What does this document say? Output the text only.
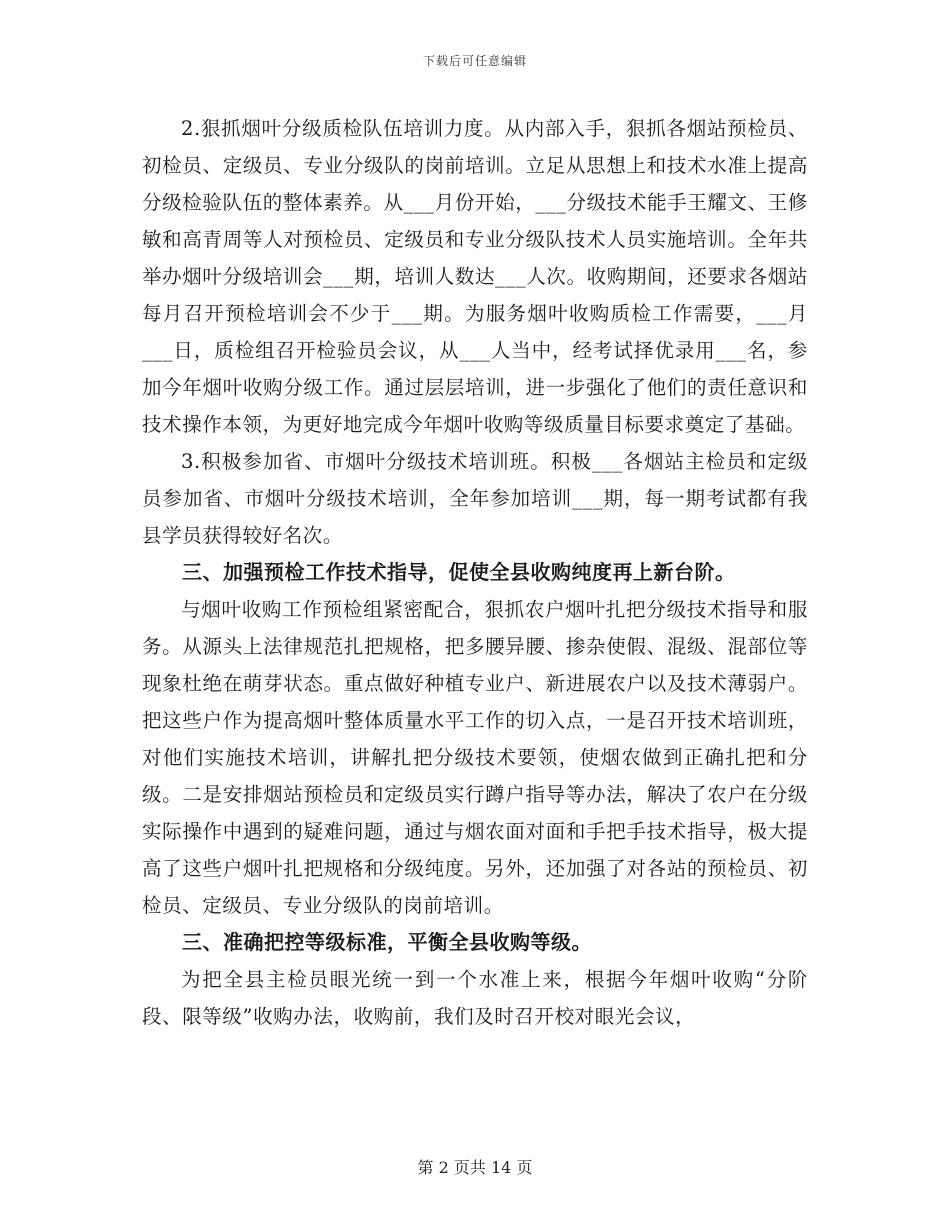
下载后可任意编辑

2.狠抓烟叶分级质检队伍培训力度。从内部入手，狠抓各烟站预检员、初检员、定级员、专业分级队的岗前培训。立足从思想上和技术水准上提高分级检验队伍的整体素养。从___月份开始，___分级技术能手王耀文、王修敏和高青周等人对预检员、定级员和专业分级队技术人员实施培训。全年共举办烟叶分级培训会___期，培训人数达___人次。收购期间，还要求各烟站每月召开预检培训会不少于___期。为服务烟叶收购质检工作需要，___月___日，质检组召开检验员会议，从___人当中，经考试择优录用___名，参加今年烟叶收购分级工作。通过层层培训，进一步强化了他们的责任意识和技术操作本领，为更好地完成今年烟叶收购等级质量目标要求奠定了基础。

3.积极参加省、市烟叶分级技术培训班。积极___各烟站主检员和定级员参加省、市烟叶分级技术培训，全年参加培训___期，每一期考试都有我县学员获得较好名次。

三、加强预检工作技术指导，促使全县收购纯度再上新台阶。

与烟叶收购工作预检组紧密配合，狠抓农户烟叶扎把分级技术指导和服务。从源头上法律规范扎把规格，把多腰异腰、掺杂使假、混级、混部位等现象杜绝在萌芽状态。重点做好种植专业户、新进展农户以及技术薄弱户。把这些户作为提高烟叶整体质量水平工作的切入点，一是召开技术培训班，对他们实施技术培训，讲解扎把分级技术要领，使烟农做到正确扎把和分级。二是安排烟站预检员和定级员实行蹲户指导等办法，解决了农户在分级实际操作中遇到的疑难问题，通过与烟农面对面和手把手技术指导，极大提高了这些户烟叶扎把规格和分级纯度。另外，还加强了对各站的预检员、初检员、定级员、专业分级队的岗前培训。

三、准确把控等级标准，平衡全县收购等级。

为把全县主检员眼光统一到一个水准上来，根据今年烟叶收购“分阶段、限等级”收购办法，收购前，我们及时召开校对眼光会议，

第 2 页共 14 页
